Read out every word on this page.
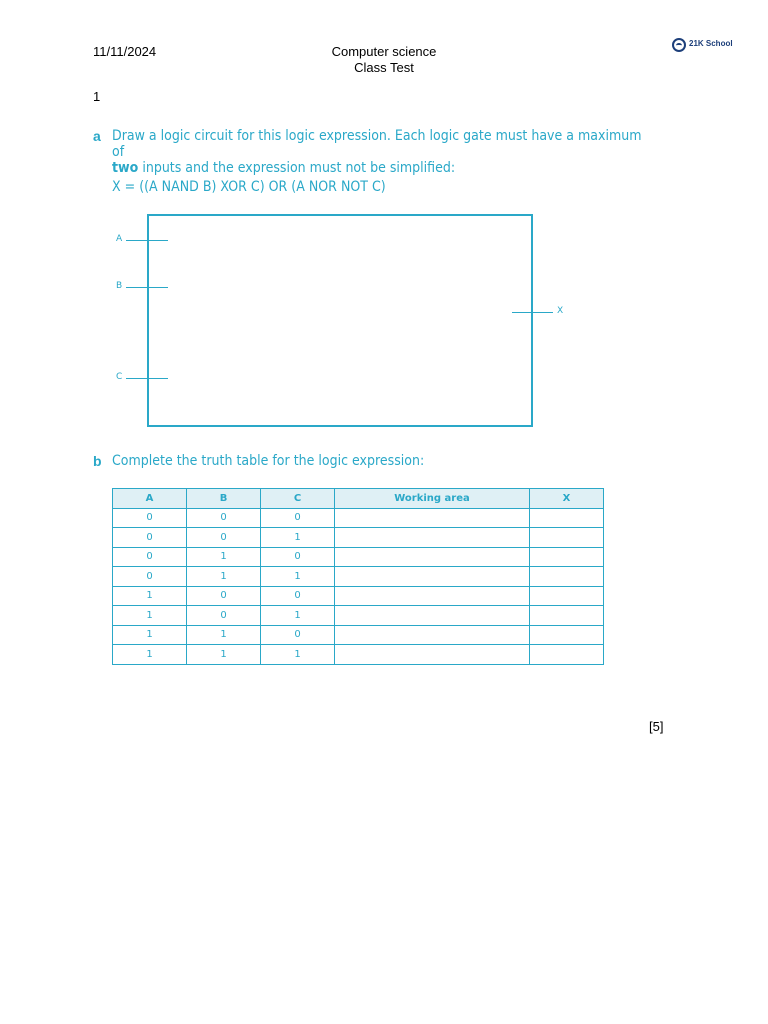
11/11/2024	Computer science
Class Test
21K School

1
a Draw a logic circuit for this logic expression. Each logic gate must have a maximum of
two inputs and the expression must not be simplified:
X = ((A NAND B) XOR C) OR (A NOR NOT C)
A
B
C
X
b Complete the truth table for the logic expression:
A	B	C	Working area	X
0	0	0		
0	0	1		
0	1	0		
0	1	1		
1	0	0		
1	0	1		
1	1	0		
1	1	1		
[5]
